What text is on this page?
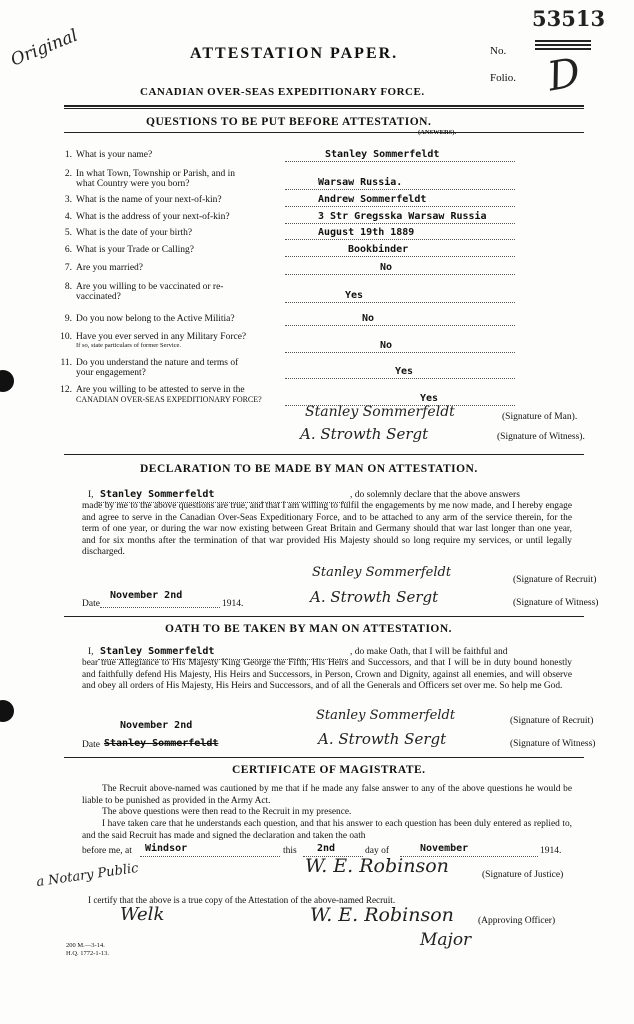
Original
53513
D
ATTESTATION PAPER.	No.
Folio.
CANADIAN OVER-SEAS EXPEDITIONARY FORCE.
QUESTIONS TO BE PUT BEFORE ATTESTATION.
(ANSWERS).
1. What is your name?	Stanley Sommerfeldt
2. In what Town, Township or Parish, and in
what Country were you born?	Warsaw Russia.
3. What is the name of your next-of-kin?	Andrew Sommerfeldt
4. What is the address of your next-of-kin?	3 Str Gregsska Warsaw Russia
5. What is the date of your birth?	August 19th 1889
6. What is your Trade or Calling?	Bookbinder
7. Are you married?	No
8. Are you willing to be vaccinated or re-
vaccinated?	Yes
9. Do you now belong to the Active Militia?	No
10. Have you ever served in any Military Force?
If so, state particulars of former Service.	No
11. Do you understand the nature and terms of
your engagement?	Yes
12. Are you willing to be attested to serve in the
CANADIAN OVER-SEAS EXPEDITIONARY FORCE?	Yes
Stanley Sommerfeldt	(Signature of Man).
A. Strowth Sergt	(Signature of Witness).
DECLARATION TO BE MADE BY MAN ON ATTESTATION.
I, Stanley Sommerfeldt	, do solemnly declare that the above answers
made by me to the above questions are true, and that I am willing to fulfil the engagements by me now made, and I hereby engage and agree to serve in the Canadian Over-Seas Expeditionary Force, and to be attached to any arm of the service therein, for the term of one year, or during the war now existing between Great Britain and Germany should that war last longer than one year, and for six months after the termination of that war provided His Majesty should so long require my services, or until legally discharged.
Stanley Sommerfeldt	(Signature of Recruit)
Date
November 2nd
1914.	A. Strowth Sergt	(Signature of Witness)
OATH TO BE TAKEN BY MAN ON ATTESTATION.
I, Stanley Sommerfeldt	, do make Oath, that I will be faithful and
bear true Allegiance to His Majesty King George the Fifth, His Heirs and Successors, and that I will be in duty bound honestly and faithfully defend His Majesty, His Heirs and Successors, in Person, Crown and Dignity, against all enemies, and will observe and obey all orders of His Majesty, His Heirs and Successors, and of all the Generals and Officers set over me. So help me God.
November 2nd
Date Stanley Sommerfeldt
Stanley Sommerfeldt	(Signature of Recruit)
A. Strowth Sergt	(Signature of Witness)
CERTIFICATE OF MAGISTRATE.
The Recruit above-named was cautioned by me that if he made any false answer to any of the above questions he would be liable to be punished as provided in the Army Act.
The above questions were then read to the Recruit in my presence.
I have taken care that he understands each question, and that his answer to each question has been duly entered as replied to, and the said Recruit has made and signed the declaration and taken the oath
before me, at Windsor	this 2nd	day of	November	1914.
a Notary Public	W. E. Robinson	(Signature of Justice)
I certify that the above is a true copy of the Attestation of the above-named Recruit.
Welk	W. E. Robinson	(Approving Officer)
Major
200 M.—3-14.
H.Q. 1772-1-13.
